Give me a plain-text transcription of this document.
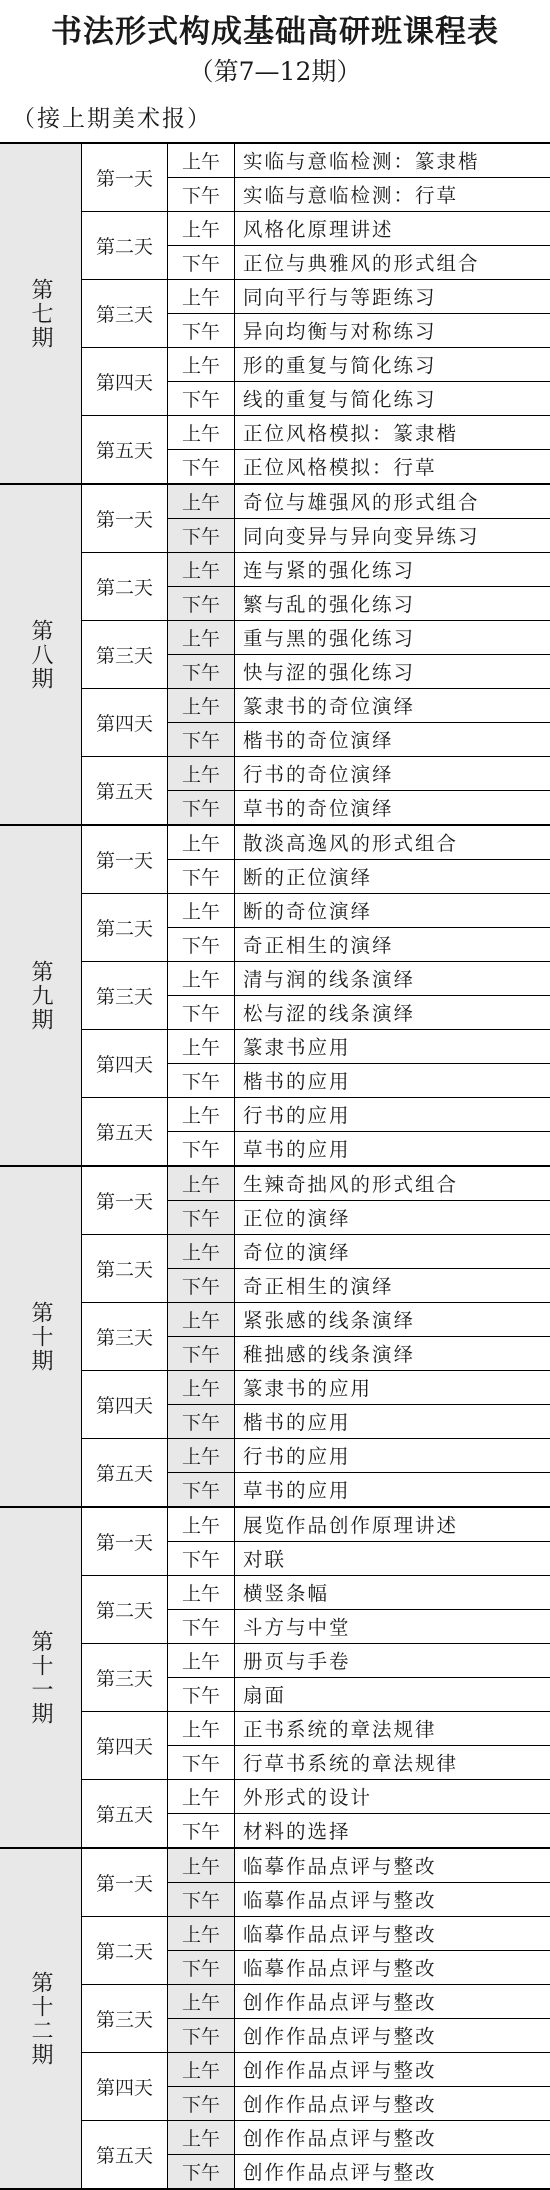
书法形式构成基础高研班课程表
（第7—12期）
（接上期美术报）
第七期
第一天
上午	实临与意临检测：篆隶楷
下午	实临与意临检测：行草
第二天
上午	风格化原理讲述
下午	正位与典雅风的形式组合
第三天
上午	同向平行与等距练习
下午	异向均衡与对称练习
第四天
上午	形的重复与简化练习
下午	线的重复与简化练习
第五天
上午	正位风格模拟：篆隶楷
下午	正位风格模拟：行草
第八期
第一天
上午	奇位与雄强风的形式组合
下午	同向变异与异向变异练习
第二天
上午	连与紧的强化练习
下午	繁与乱的强化练习
第三天
上午	重与黑的强化练习
下午	快与涩的强化练习
第四天
上午	篆隶书的奇位演绎
下午	楷书的奇位演绎
第五天
上午	行书的奇位演绎
下午	草书的奇位演绎
第九期
第一天
上午	散淡高逸风的形式组合
下午	断的正位演绎
第二天
上午	断的奇位演绎
下午	奇正相生的演绎
第三天
上午	清与润的线条演绎
下午	松与涩的线条演绎
第四天
上午	篆隶书应用
下午	楷书的应用
第五天
上午	行书的应用
下午	草书的应用
第十期
第一天
上午	生辣奇拙风的形式组合
下午	正位的演绎
第二天
上午	奇位的演绎
下午	奇正相生的演绎
第三天
上午	紧张感的线条演绎
下午	稚拙感的线条演绎
第四天
上午	篆隶书的应用
下午	楷书的应用
第五天
上午	行书的应用
下午	草书的应用
第十一期
第一天
上午	展览作品创作原理讲述
下午	对联
第二天
上午	横竖条幅
下午	斗方与中堂
第三天
上午	册页与手卷
下午	扇面
第四天
上午	正书系统的章法规律
下午	行草书系统的章法规律
第五天
上午	外形式的设计
下午	材料的选择
第十二期
第一天
上午	临摹作品点评与整改
下午	临摹作品点评与整改
第二天
上午	临摹作品点评与整改
下午	临摹作品点评与整改
第三天
上午	创作作品点评与整改
下午	创作作品点评与整改
第四天
上午	创作作品点评与整改
下午	创作作品点评与整改
第五天
上午	创作作品点评与整改
下午	创作作品点评与整改
